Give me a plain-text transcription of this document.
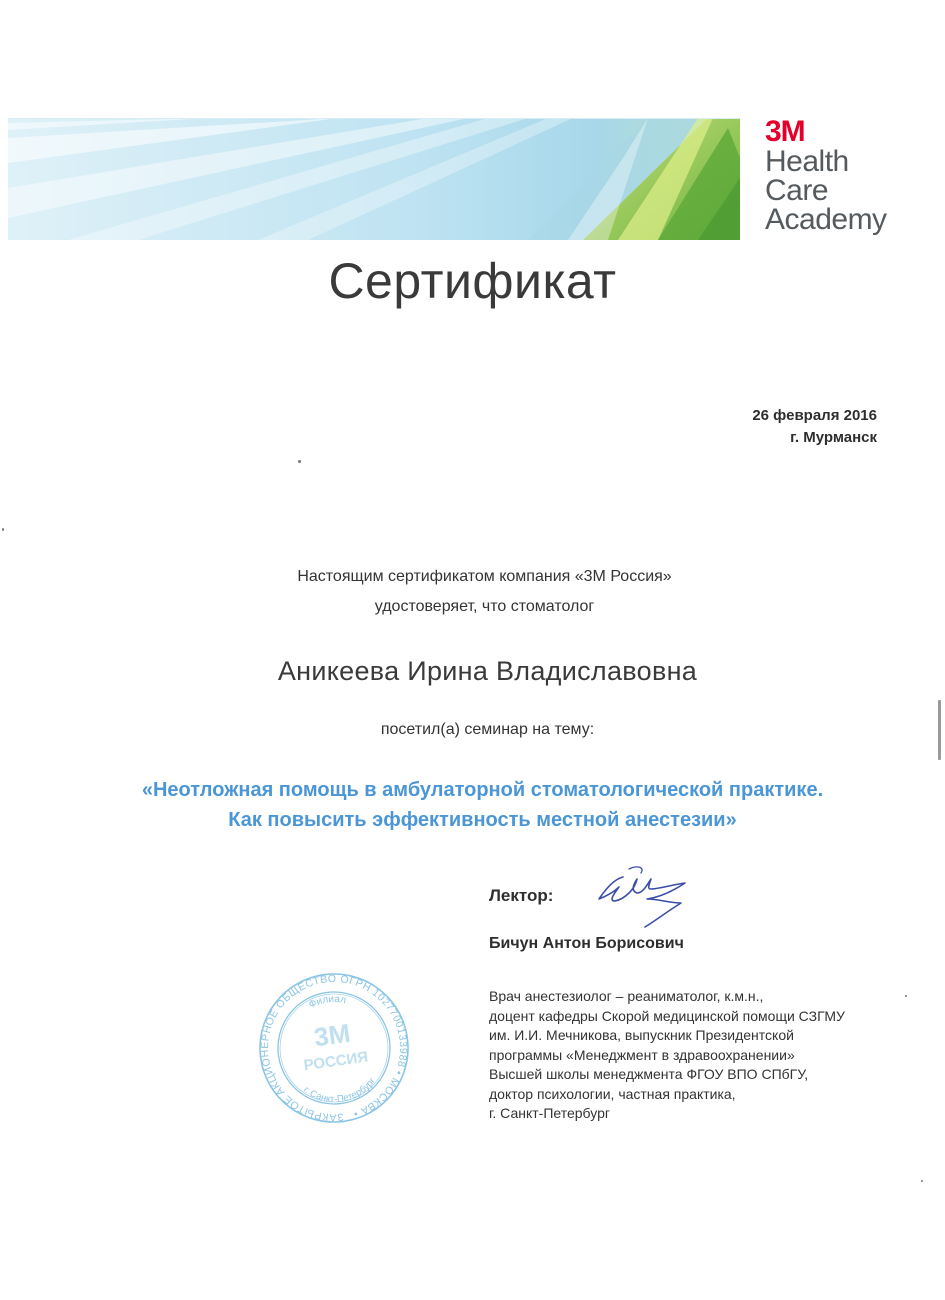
3M
Health
Care
Academy
Сертификат
26 февраля 2016
г. Мурманск
Настоящим сертификатом компания «3М Россия»
удостоверяет, что стоматолог
Аникеева Ирина Владиславовна
посетил(а) семинар на тему:
«Неотложная помощь в амбулаторной стоматологической практике.
Как повысить эффективность местной анестезии»
Лектор:
Бичун Антон Борисович
Врач анестезиолог – реаниматолог, к.м.н.,
доцент кафедры Скорой медицинской помощи СЗГМУ
им. И.И. Мечникова, выпускник Президентской
программы «Менеджмент в здравоохранении»
Высшей школы менеджмента ФГОУ ВПО СПбГУ,
доктор психологии, частная практика,
г. Санкт-Петербург
ЗАКРЫТОЕ АКЦИОНЕРНОЕ ОБЩЕСТВО ОГРН 1027700133988 • МОСКВА •
Филиал
г. Санкт-Петербург
3М
РОССИЯ
